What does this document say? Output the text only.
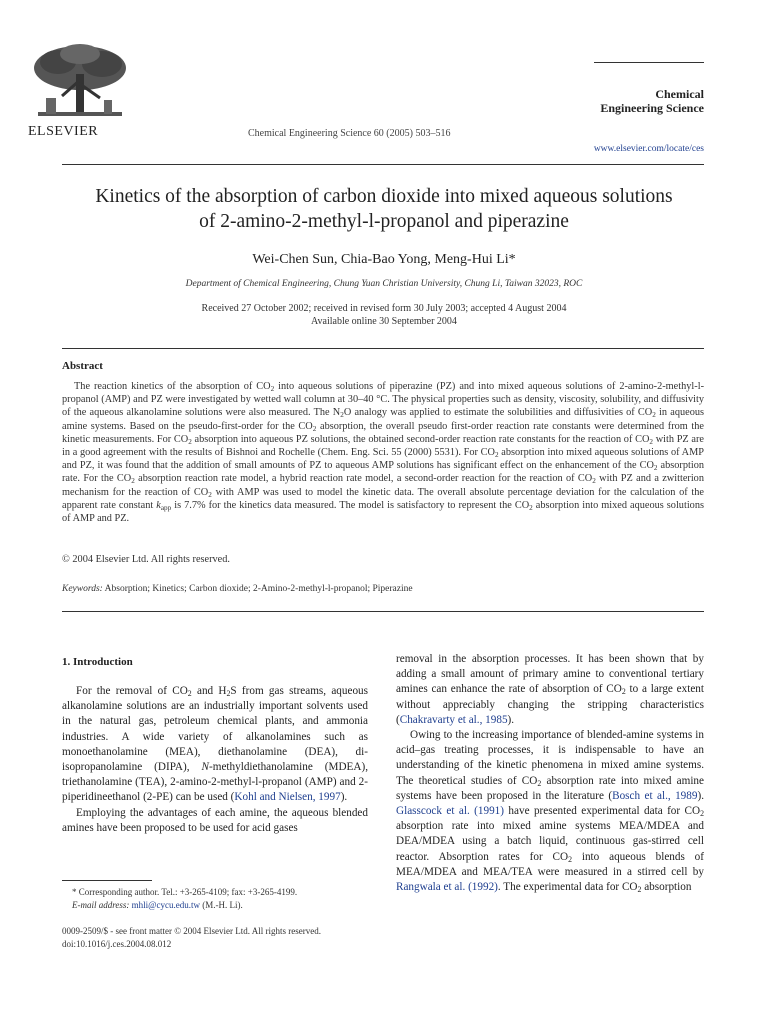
ELSEVIER	Chemical Engineering Science 60 (2005) 503–516
Chemical
Engineering Science
www.elsevier.com/locate/ces
Kinetics of the absorption of carbon dioxide into mixed aqueous solutions
of 2-amino-2-methyl-l-propanol and piperazine
Wei-Chen Sun, Chia-Bao Yong, Meng-Hui Li*
Department of Chemical Engineering, Chung Yuan Christian University, Chung Li, Taiwan 32023, ROC
Received 27 October 2002; received in revised form 30 July 2003; accepted 4 August 2004
Available online 30 September 2004
Abstract

The reaction kinetics of the absorption of $CO_2$ into aqueous solutions of piperazine (PZ) and into mixed aqueous solutions of 2-amino-2-methyl-l-propanol (AMP) and PZ were investigated by wetted wall column at 30–40 °C. The physical properties such as density, viscosity, solubility, and diffusivity of the aqueous alkanolamine solutions were also measured. The $N_2O$ analogy was applied to estimate the solubilities and diffusivities of $CO_2$ in aqueous amine systems. Based on the pseudo-first-order for the $CO_2$ absorption, the overall pseudo first-order reaction rate constants were determined from the kinetic measurements. For $CO_2$ absorption into aqueous PZ solutions, the obtained second-order reaction rate constants for the reaction of $CO_2$ with PZ are in a good agreement with the results of Bishnoi and Rochelle (Chem. Eng. Sci. 55 (2000) 5531). For $CO_2$ absorption into mixed aqueous solutions of AMP and PZ, it was found that the addition of small amounts of PZ to aqueous AMP solutions has significant effect on the enhancement of the $CO_2$ absorption rate. For the $CO_2$ absorption reaction rate model, a hybrid reaction rate model, a second-order reaction for the reaction of $CO_2$ with PZ and a zwitterion mechanism for the reaction of $CO_2$ with AMP was used to model the kinetic data. The overall absolute percentage deviation for the calculation of the apparent rate constant $k_{app}$ is 7.7% for the kinetics data measured. The model is satisfactory to represent the $CO_2$ absorption into mixed aqueous solutions of AMP and PZ.

© 2004 Elsevier Ltd. All rights reserved.
Keywords: Absorption; Kinetics; Carbon dioxide; 2-Amino-2-methyl-l-propanol; Piperazine
1. Introduction

For the removal of $CO_2$ and $H_2S$ from gas streams, aqueous alkanolamine solutions are an industrially important solvents used in the natural gas, petroleum chemical plants, and ammonia industries. A wide variety of alkanolamines such as monoethanolamine (MEA), diethanolamine (DEA), di-isopropanolamine (DIPA), N-methyldiethanolamine (MDEA), triethanolamine (TEA), 2-amino-2-methyl-l-propanol (AMP) and 2-piperidineethanol (2-PE) can be used (Kohl and Nielsen, 1997).

Employing the advantages of each amine, the aqueous blended amines have been proposed to be used for acid gases

removal in the absorption processes. It has been shown that by adding a small amount of primary amine to conventional tertiary amines can enhance the rate of absorption of $CO_2$ to a large extent without appreciably changing the stripping characteristics (Chakravarty et al., 1985).

Owing to the increasing importance of blended-amine systems in acid–gas treating processes, it is indispensable to have an understanding of the kinetic phenomena in mixed amine systems. The theoretical studies of $CO_2$ absorption rate into mixed amine systems have been proposed in the literature (Bosch et al., 1989). Glasscock et al. (1991) have presented experimental data for $CO_2$ absorption rate into mixed amine systems MEA/MDEA and DEA/MDEA using a batch liquid, continuous gas-stirred cell reactor. Absorption rates for $CO_2$ into aqueous blends of MEA/MDEA and MEA/TEA were measured in a stirred cell by Rangwala et al. (1992). The experimental data for $CO_2$ absorption

* Corresponding author. Tel.: +3-265-4109; fax: +3-265-4199.
E-mail address: mhli@cycu.edu.tw (M.-H. Li).
0009-2509/$ - see front matter © 2004 Elsevier Ltd. All rights reserved.
doi:10.1016/j.ces.2004.08.012
